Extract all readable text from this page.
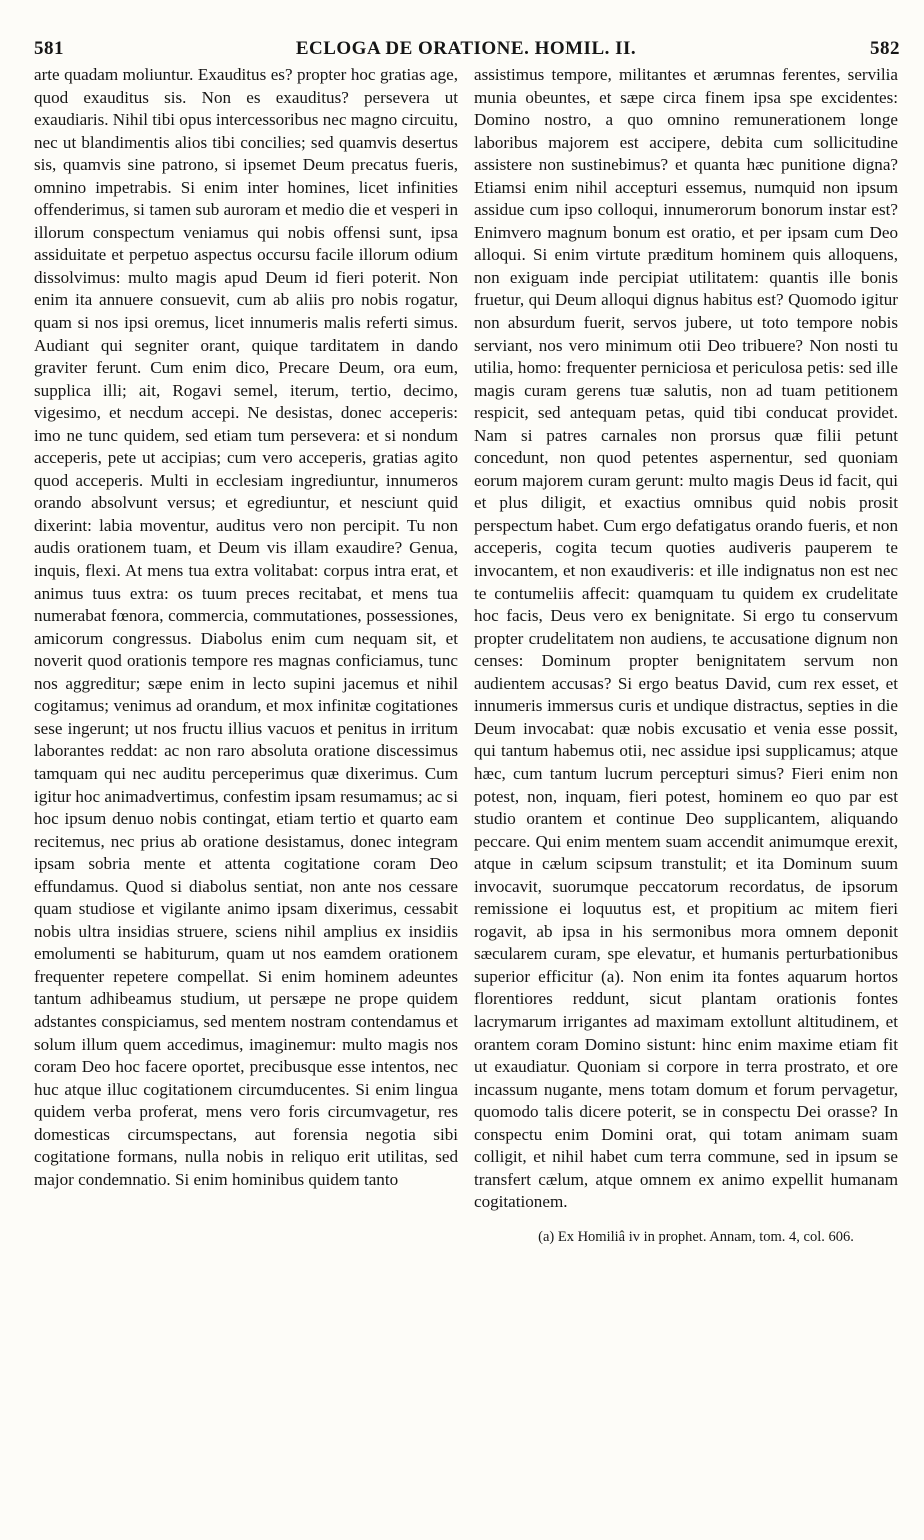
581	ECLOGA DE ORATIONE. HOMIL. II.	582

arte quadam moliuntur. Exauditus es? propter hoc gratias age, quod exauditus sis. Non es exauditus? persevera ut exaudiaris. Nihil tibi opus intercessoribus nec magno circuitu, nec ut blandimentis alios tibi concilies; sed quamvis desertus sis, quamvis sine patrono, si ipsemet Deum precatus fueris, omnino impetrabis. Si enim inter homines, licet infinities offenderimus, si tamen sub auroram et medio die et vesperi in illorum conspectum veniamus qui nobis offensi sunt, ipsa assiduitate et perpetuo aspectus occursu facile illorum odium dissolvimus: multo magis apud Deum id fieri poterit. Non enim ita annuere consuevit, cum ab aliis pro nobis rogatur, quam si nos ipsi oremus, licet innumeris malis referti simus. Audiant qui segniter orant, quique tarditatem in dando graviter ferunt. Cum enim dico, Precare Deum, ora eum, supplica illi; ait, Rogavi semel, iterum, tertio, decimo, vigesimo, et necdum accepi. Ne desistas, donec acceperis: imo ne tunc quidem, sed etiam tum persevera: et si nondum acceperis, pete ut accipias; cum vero acceperis, gratias agito quod acceperis. Multi in ecclesiam ingrediuntur, innumeros orando absolvunt versus; et egrediuntur, et nesciunt quid dixerint: labia moventur, auditus vero non percipit. Tu non audis orationem tuam, et Deum vis illam exaudire? Genua, inquis, flexi. At mens tua extra volitabat: corpus intra erat, et animus tuus extra: os tuum preces recitabat, et mens tua numerabat fœnora, commercia, commutationes, possessiones, amicorum congressus. Diabolus enim cum nequam sit, et noverit quod orationis tempore res magnas conficiamus, tunc nos aggreditur; sæpe enim in lecto supini jacemus et nihil cogitamus; venimus ad orandum, et mox infinitæ cogitationes sese ingerunt; ut nos fructu illius vacuos et penitus in irritum laborantes reddat: ac non raro absoluta oratione discessimus tamquam qui nec auditu perceperimus quæ dixerimus. Cum igitur hoc animadvertimus, confestim ipsam resumamus; ac si hoc ipsum denuo nobis contingat, etiam tertio et quarto eam recitemus, nec prius ab oratione desistamus, donec integram ipsam sobria mente et attenta cogitatione coram Deo effundamus. Quod si diabolus sentiat, non ante nos cessare quam studiose et vigilante animo ipsam dixerimus, cessabit nobis ultra insidias struere, sciens nihil amplius ex insidiis emolumenti se habiturum, quam ut nos eamdem orationem frequenter repetere compellat. Si enim hominem adeuntes tantum adhibeamus studium, ut persæpe ne prope quidem adstantes conspiciamus, sed mentem nostram contendamus et solum illum quem accedimus, imaginemur: multo magis nos coram Deo hoc facere oportet, precibusque esse intentos, nec huc atque illuc cogitationem circumducentes. Si enim lingua quidem verba proferat, mens vero foris circumvagetur, res domesticas circumspectans, aut forensia negotia sibi cogitatione formans, nulla nobis in reliquo erit utilitas, sed major condemnatio. Si enim hominibus quidem tanto

assistimus tempore, militantes et ærumnas ferentes, servilia munia obeuntes, et sæpe circa finem ipsa spe excidentes: Domino nostro, a quo omnino remunerationem longe laboribus majorem est accipere, debita cum sollicitudine assistere non sustinebimus? et quanta hæc punitione digna? Etiamsi enim nihil accepturi essemus, numquid non ipsum assidue cum ipso colloqui, innumerorum bonorum instar est? Enimvero magnum bonum est oratio, et per ipsam cum Deo alloqui. Si enim virtute præditum hominem quis alloquens, non exiguam inde percipiat utilitatem: quantis ille bonis fruetur, qui Deum alloqui dignus habitus est? Quomodo igitur non absurdum fuerit, servos jubere, ut toto tempore nobis serviant, nos vero minimum otii Deo tribuere? Non nosti tu utilia, homo: frequenter perniciosa et periculosa petis: sed ille magis curam gerens tuæ salutis, non ad tuam petitionem respicit, sed antequam petas, quid tibi conducat providet. Nam si patres carnales non prorsus quæ filii petunt concedunt, non quod petentes aspernentur, sed quoniam eorum majorem curam gerunt: multo magis Deus id facit, qui et plus diligit, et exactius omnibus quid nobis prosit perspectum habet. Cum ergo defatigatus orando fueris, et non acceperis, cogita tecum quoties audiveris pauperem te invocantem, et non exaudiveris: et ille indignatus non est nec te contumeliis affecit: quamquam tu quidem ex crudelitate hoc facis, Deus vero ex benignitate. Si ergo tu conservum propter crudelitatem non audiens, te accusatione dignum non censes: Dominum propter benignitatem servum non audientem accusas? Si ergo beatus David, cum rex esset, et innumeris immersus curis et undique distractus, septies in die Deum invocabat: quæ nobis excusatio et venia esse possit, qui tantum habemus otii, nec assidue ipsi supplicamus; atque hæc, cum tantum lucrum percepturi simus? Fieri enim non potest, non, inquam, fieri potest, hominem eo quo par est studio orantem et continue Deo supplicantem, aliquando peccare. Qui enim mentem suam accendit animumque erexit, atque in cælum scipsum transtulit; et ita Dominum suum invocavit, suorumque peccatorum recordatus, de ipsorum remissione ei loquutus est, et propitium ac mitem fieri rogavit, ab ipsa in his sermonibus mora omnem deponit sæcularem curam, spe elevatur, et humanis perturbationibus superior efficitur (a). Non enim ita fontes aquarum hortos florentiores reddunt, sicut plantam orationis fontes lacrymarum irrigantes ad maximam extollunt altitudinem, et orantem coram Domino sistunt: hinc enim maxime etiam fit ut exaudiatur. Quoniam si corpore in terra prostrato, et ore incassum nugante, mens totam domum et forum pervagetur, quomodo talis dicere poterit, se in conspectu Dei orasse? In conspectu enim Domini orat, qui totam animam suam colligit, et nihil habet cum terra commune, sed in ipsum se transfert cælum, atque omnem ex animo expellit humanam cogitationem.

(a) Ex Homiliâ iv in prophet. Annam, tom. 4, col. 606.
